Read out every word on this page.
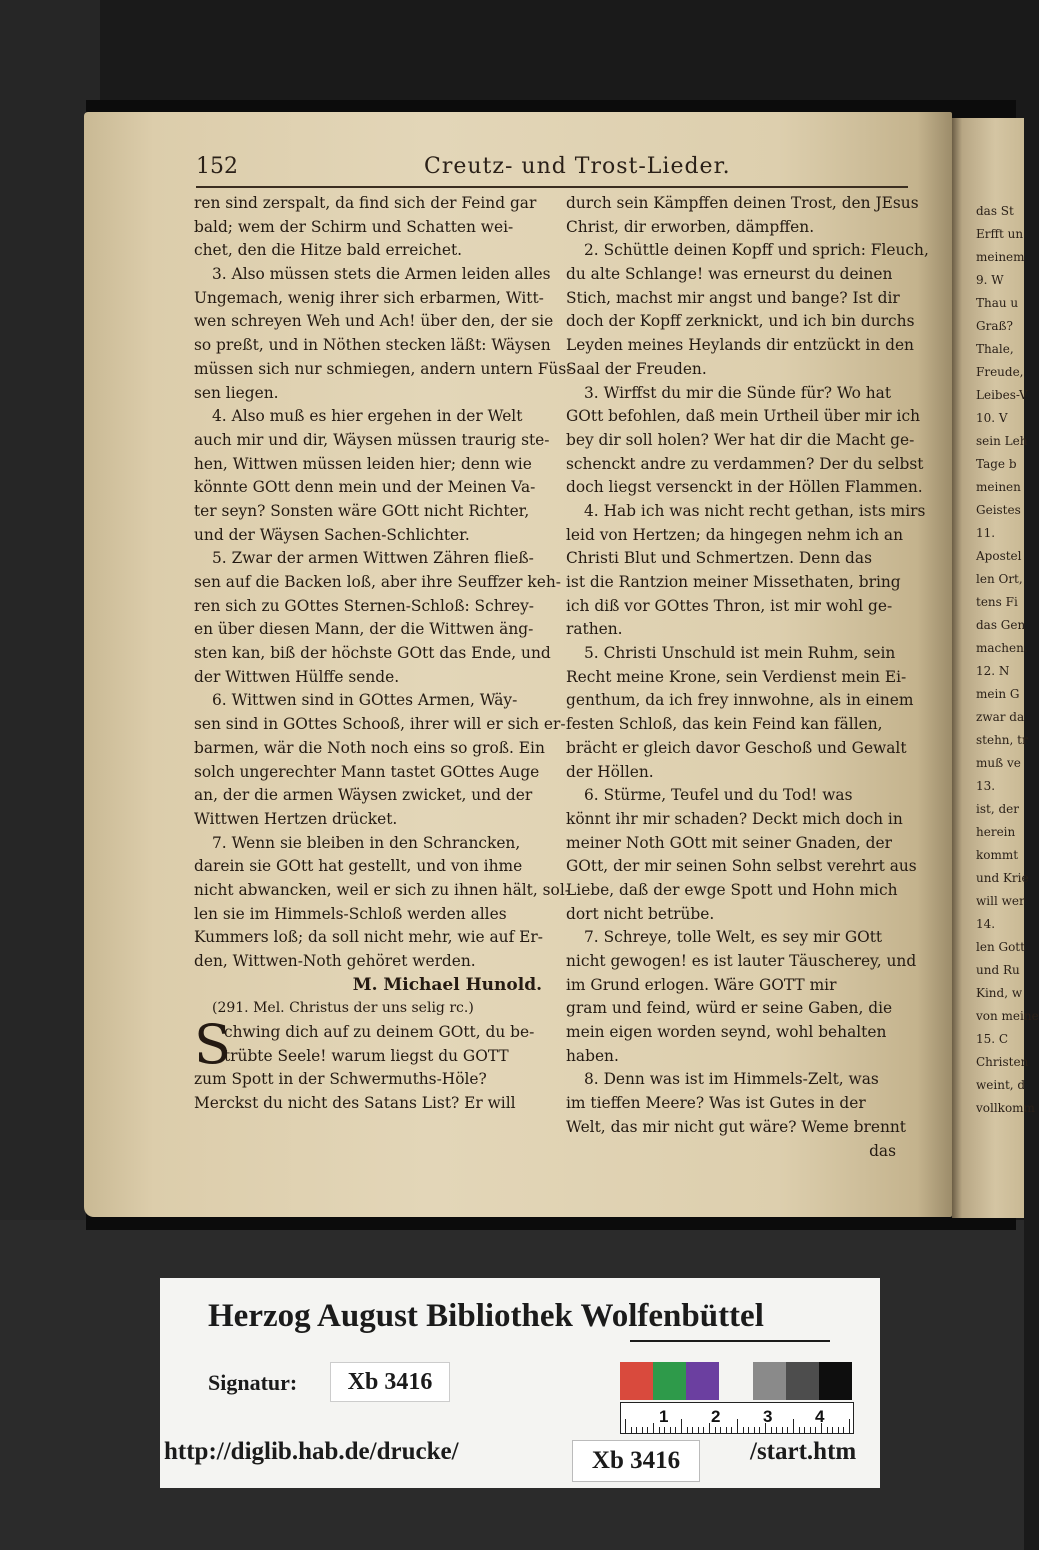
152	Creutz- und Trost-Lieder.
ren sind zerspalt, da find sich der Feind gar
bald; wem der Schirm und Schatten wei-
chet, den die Hitze bald erreichet.
3. Also müssen stets die Armen leiden alles
Ungemach, wenig ihrer sich erbarmen, Witt-
wen schreyen Weh und Ach! über den, der sie
so preßt, und in Nöthen stecken läßt: Wäysen
müssen sich nur schmiegen, andern untern Füs-
sen liegen.
4. Also muß es hier ergehen in der Welt
auch mir und dir, Wäysen müssen traurig ste-
hen, Wittwen müssen leiden hier; denn wie
könnte GOtt denn mein und der Meinen Va-
ter seyn? Sonsten wäre GOtt nicht Richter,
und der Wäysen Sachen-Schlichter.
5. Zwar der armen Wittwen Zähren fließ-
sen auf die Backen loß, aber ihre Seuffzer keh-
ren sich zu GOttes Sternen-Schloß: Schrey-
en über diesen Mann, der die Wittwen äng-
sten kan, biß der höchste GOtt das Ende, und
der Wittwen Hülffe sende.
6. Wittwen sind in GOttes Armen, Wäy-
sen sind in GOttes Schooß, ihrer will er sich er-
barmen, wär die Noth noch eins so groß. Ein
solch ungerechter Mann tastet GOttes Auge
an, der die armen Wäysen zwicket, und der
Wittwen Hertzen drücket.
7. Wenn sie bleiben in den Schrancken,
darein sie GOtt hat gestellt, und von ihme
nicht abwancken, weil er sich zu ihnen hält, sol-
len sie im Himmels-Schloß werden alles
Kummers loß; da soll nicht mehr, wie auf Er-
den, Wittwen-Noth gehöret werden.
M. Michael Hunold.
(291. Mel. Christus der uns selig rc.)
chwing dich auf zu deinem GOtt, du be-
trübte Seele! warum liegst du GOTT
zum Spott in der Schwermuths-Höle?
Merckst du nicht des Satans List? Er will
S
durch sein Kämpffen deinen Trost, den JEsus
Christ, dir erworben, dämpffen.
2. Schüttle deinen Kopff und sprich: Fleuch,
du alte Schlange! was erneurst du deinen
Stich, machst mir angst und bange? Ist dir
doch der Kopff zerknickt, und ich bin durchs
Leyden meines Heylands dir entzückt in den
Saal der Freuden.
3. Wirffst du mir die Sünde für? Wo hat
GOtt befohlen, daß mein Urtheil über mir ich
bey dir soll holen? Wer hat dir die Macht ge-
schenckt andre zu verdammen? Der du selbst
doch liegst versenckt in der Höllen Flammen.
4. Hab ich was nicht recht gethan, ists mirs
leid von Hertzen; da hingegen nehm ich an
Christi Blut und Schmertzen. Denn das
ist die Rantzion meiner Missethaten, bring
ich diß vor GOttes Thron, ist mir wohl ge-
rathen.
5. Christi Unschuld ist mein Ruhm, sein
Recht meine Krone, sein Verdienst mein Ei-
genthum, da ich frey innwohne, als in einem
festen Schloß, das kein Feind kan fällen,
brächt er gleich davor Geschoß und Gewalt
der Höllen.
6. Stürme, Teufel und du Tod! was
könnt ihr mir schaden? Deckt mich doch in
meiner Noth GOtt mit seiner Gnaden, der
GOtt, der mir seinen Sohn selbst verehrt aus
Liebe, daß der ewge Spott und Hohn mich
dort nicht betrübe.
7. Schreye, tolle Welt, es sey mir GOtt
nicht gewogen! es ist lauter Täuscherey, und
im Grund erlogen. Wäre GOTT mir
gram und feind, würd er seine Gaben, die
mein eigen worden seynd, wohl behalten
haben.
8. Denn was ist im Himmels-Zelt, was
im tieffen Meere? Was ist Gutes in der
Welt, das mir nicht gut wäre? Weme brennt
das
das St
Erfft un
meinem
9. W
Thau u
Graß?
Thale,
Freude,
Leibes-V
10. V
sein Leh
Tage b
meinen
Geistes
11.
Apostel
len Ort,
tens Fi
das Gen
machen.
12. N
mein G
zwar da
stehn, tr
muß ve
13.
ist, der
herein
kommt
und Krie
will wer
14.
len Gott
und Ru
Kind, w
von meine
15. C
Christen
weint, d
vollkomm
Herzog August Bibliothek Wolfenbüttel
Signatur:	Xb 3416
1	2	3	4
http://diglib.hab.de/drucke/	Xb 3416	/start.htm
